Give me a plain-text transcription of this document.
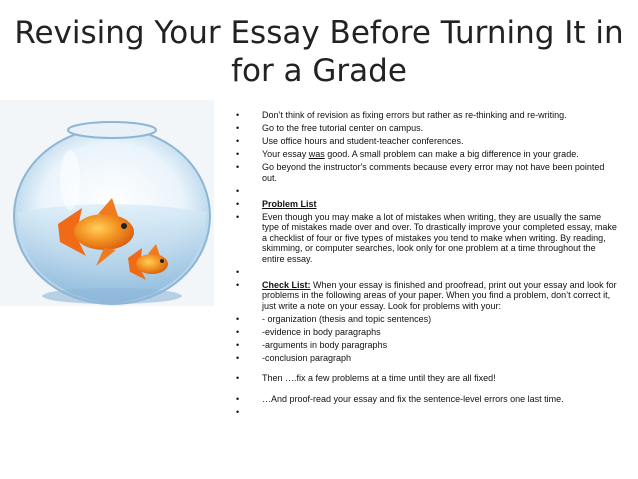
Revising Your Essay Before Turning It in
for a Grade
•	Don’t think of revision as fixing errors but rather as re-thinking and re-writing.
•	Go to the free tutorial center on campus.
•	Use office hours and student-teacher conferences.
•	Your essay was good. A small problem can make a big difference in your grade.
•	Go beyond the instructor's comments because every error may not have been pointed out.
•
•	Problem List
•	Even though you may make a lot of mistakes when writing, they are usually the same type of mistakes made over and over. To drastically improve your completed essay, make a checklist of four or five types of mistakes you tend to make when writing. By reading, skimming, or computer searches, look only for one problem at a time throughout the entire essay.
•
•	Check List: When your essay is finished and proofread, print out your essay and look for problems in the following areas of your paper. When you find a problem, don’t correct it, just write a note on your essay. Look for problems with your:
•	- organization (thesis and topic sentences)
•	-evidence in body paragraphs
•	-arguments in body paragraphs
•	-conclusion paragraph
•	Then ….fix a few problems at a time until they are all fixed!
•	…And proof-read your essay and fix the sentence-level errors one last time.
•
